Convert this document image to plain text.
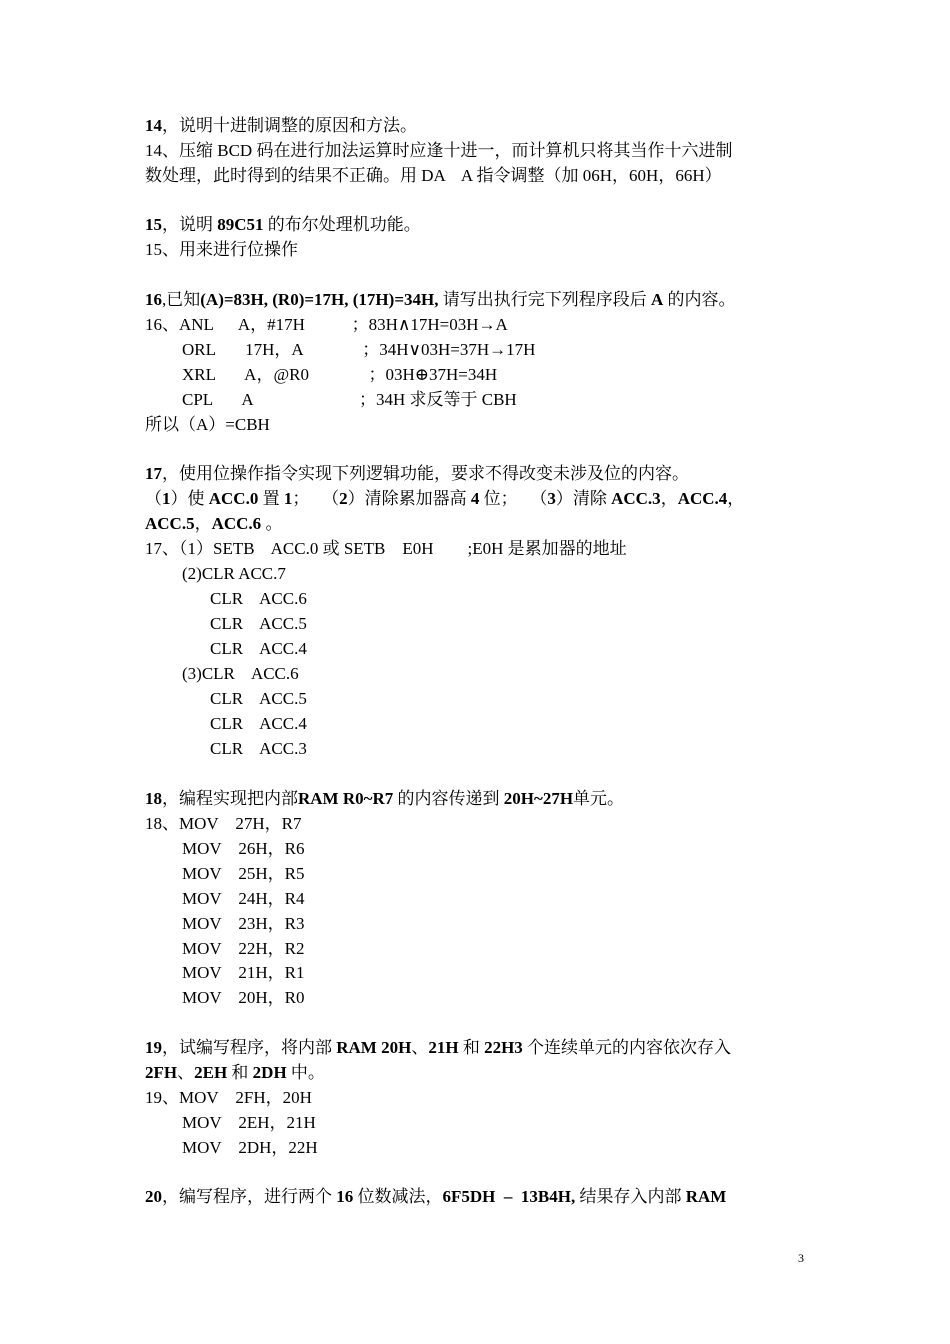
14，说明十进制调整的原因和方法。

14、压缩 BCD 码在进行加法运算时应逢十进一，而计算机只将其当作十六进制

数处理，此时得到的结果不正确。用 DA    A 指令调整（加 06H，60H，66H）

15，说明 89C51 的布尔处理机功能。

15、用来进行位操作

16,已知(A)=83H, (R0)=17H, (17H)=34H, 请写出执行完下列程序段后 A 的内容。

16、ANL      A，#17H           ；83H∧17H=03H→A

ORL       17H，A              ；34H∨03H=37H→17H

XRL       A，@R0              ；03H⊕37H=34H

CPL       A                         ；34H 求反等于 CBH

所以（A）=CBH

17，使用位操作指令实现下列逻辑功能，要求不得改变未涉及位的内容。

（1）使 ACC.0 置 1；   （2）清除累加器高 4 位；   （3）清除 ACC.3，ACC.4，

ACC.5，ACC.6 。

17、（1）SETB    ACC.0 或 SETB    E0H        ;E0H 是累加器的地址

(2)CLR ACC.7

CLR    ACC.6

CLR    ACC.5

CLR    ACC.4

(3)CLR    ACC.6

CLR    ACC.5

CLR    ACC.4

CLR    ACC.3

18，编程实现把内部RAM R0~R7 的内容传递到 20H~27H单元。

18、MOV    27H，R7

MOV    26H，R6

MOV    25H，R5

MOV    24H，R4

MOV    23H，R3

MOV    22H，R2

MOV    21H，R1

MOV    20H，R0

19，试编写程序，将内部 RAM 20H、21H 和 22H3 个连续单元的内容依次存入

2FH、2EH 和 2DH 中。

19、MOV    2FH，20H

MOV    2EH，21H

MOV    2DH，22H

20，编写程序，进行两个 16 位数减法，6F5DH  –  13B4H, 结果存入内部 RAM

3
